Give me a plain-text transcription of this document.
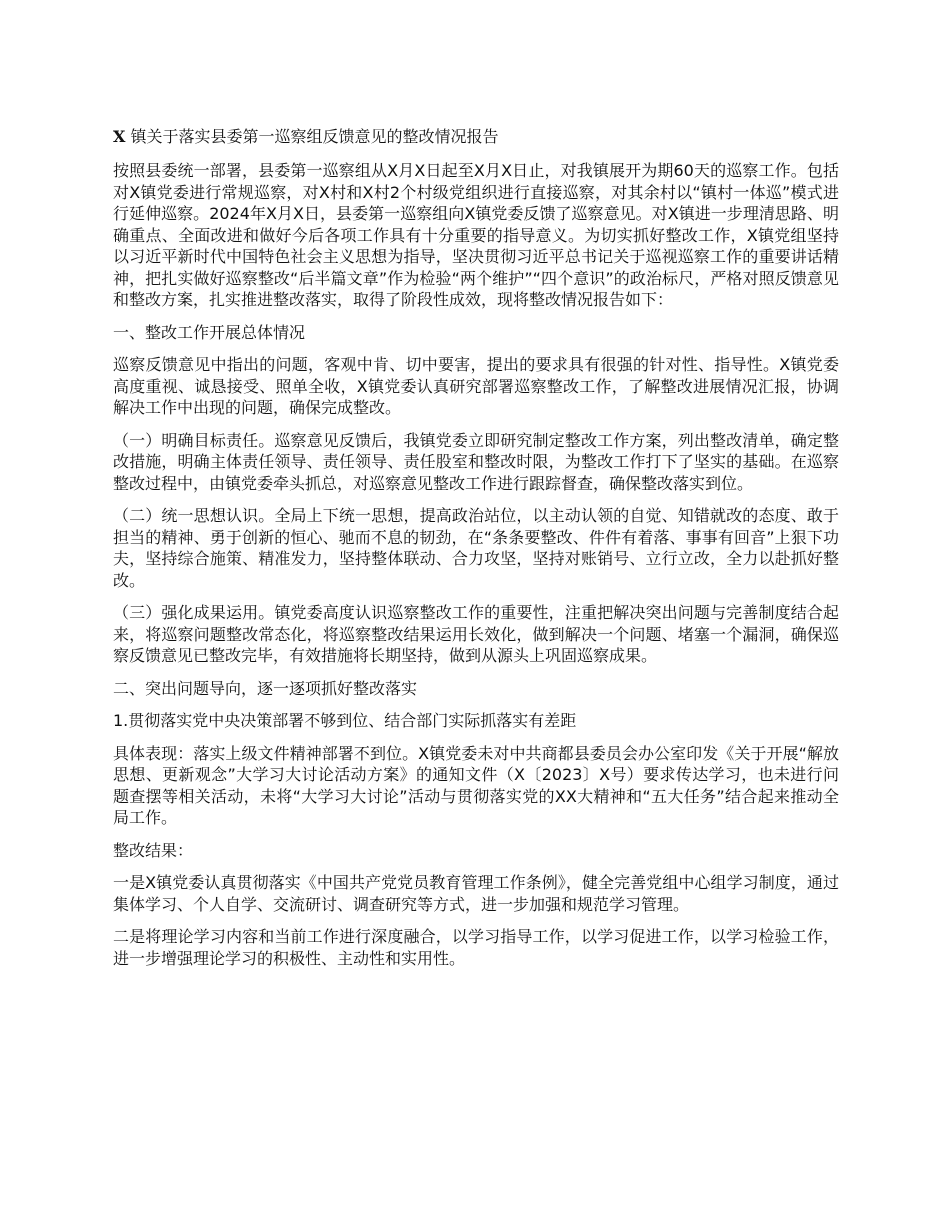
X 镇关于落实县委第一巡察组反馈意见的整改情况报告

按照县委统一部署，县委第一巡察组从X月X日起至X月X日止，对我镇展开为期60天的巡察工作。包括对X镇党委进行常规巡察，对X村和X村2个村级党组织进行直接巡察，对其余村以“镇村一体巡”模式进行延伸巡察。2024年X月X日，县委第一巡察组向X镇党委反馈了巡察意见。对X镇进一步理清思路、明确重点、全面改进和做好今后各项工作具有十分重要的指导意义。为切实抓好整改工作，X镇党组坚持以习近平新时代中国特色社会主义思想为指导，坚决贯彻习近平总书记关于巡视巡察工作的重要讲话精神，把扎实做好巡察整改“后半篇文章”作为检验“两个维护”“四个意识”的政治标尺，严格对照反馈意见和整改方案，扎实推进整改落实，取得了阶段性成效，现将整改情况报告如下：

一、整改工作开展总体情况

巡察反馈意见中指出的问题，客观中肯、切中要害，提出的要求具有很强的针对性、指导性。X镇党委高度重视、诚恳接受、照单全收，X镇党委认真研究部署巡察整改工作，了解整改进展情况汇报，协调解决工作中出现的问题，确保完成整改。

（一）明确目标责任。巡察意见反馈后，我镇党委立即研究制定整改工作方案，列出整改清单，确定整改措施，明确主体责任领导、责任领导、责任股室和整改时限，为整改工作打下了坚实的基础。在巡察整改过程中，由镇党委牵头抓总，对巡察意见整改工作进行跟踪督查，确保整改落实到位。

（二）统一思想认识。全局上下统一思想，提高政治站位，以主动认领的自觉、知错就改的态度、敢于担当的精神、勇于创新的恒心、驰而不息的韧劲，在“条条要整改、件件有着落、事事有回音”上狠下功夫，坚持综合施策、精准发力，坚持整体联动、合力攻坚，坚持对账销号、立行立改，全力以赴抓好整改。

（三）强化成果运用。镇党委高度认识巡察整改工作的重要性，注重把解决突出问题与完善制度结合起来，将巡察问题整改常态化，将巡察整改结果运用长效化，做到解决一个问题、堵塞一个漏洞，确保巡察反馈意见已整改完毕，有效措施将长期坚持，做到从源头上巩固巡察成果。

二、突出问题导向，逐一逐项抓好整改落实
1.贯彻落实党中央决策部署不够到位、结合部门实际抓落实有差距

具体表现：落实上级文件精神部署不到位。X镇党委未对中共商都县委员会办公室印发《关于开展“解放思想、更新观念”大学习大讨论活动方案》的通知文件（X〔2023〕X号）要求传达学习，也未进行问题查摆等相关活动，未将“大学习大讨论”活动与贯彻落实党的XX大精神和“五大任务”结合起来推动全局工作。

整改结果：

一是X镇党委认真贯彻落实《中国共产党党员教育管理工作条例》，健全完善党组中心组学习制度，通过集体学习、个人自学、交流研讨、调查研究等方式，进一步加强和规范学习管理。

二是将理论学习内容和当前工作进行深度融合，以学习指导工作，以学习促进工作，以学习检验工作，进一步增强理论学习的积极性、主动性和实用性。
